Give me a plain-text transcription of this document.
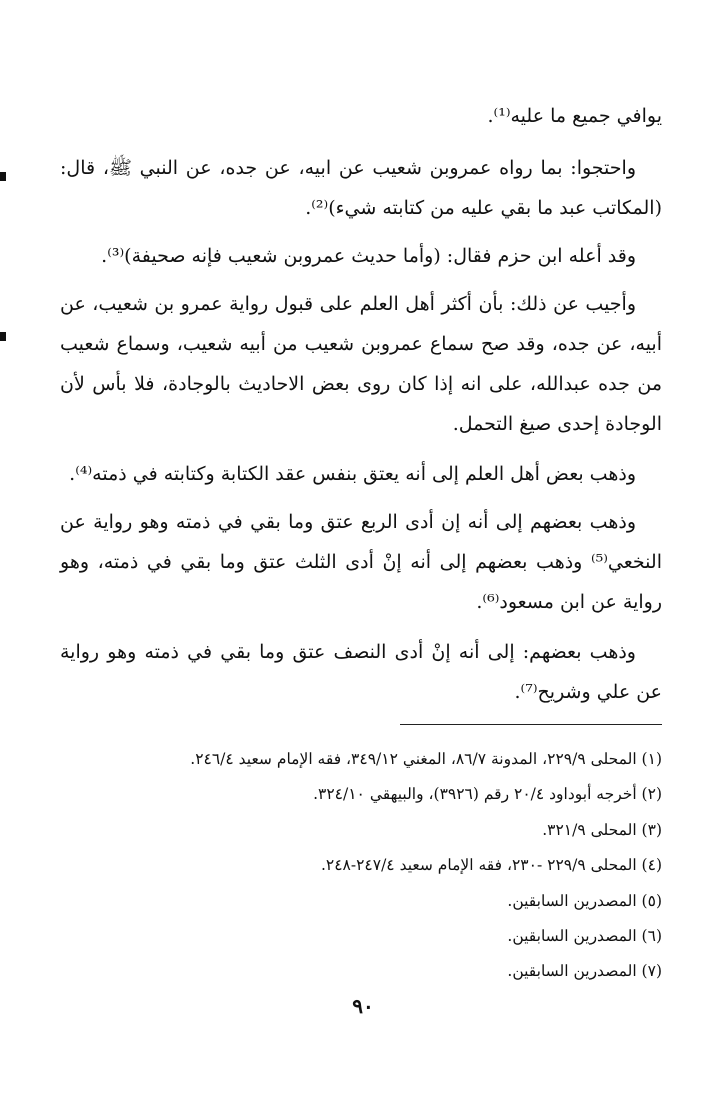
يوافي جميع ما عليه⁽¹⁾.

واحتجوا: بما رواه عمروبن شعيب عن ابيه، عن جده، عن النبي ﷺ، قال: (المكاتب عبد ما بقي عليه من كتابته شيء)⁽²⁾.

وقد أعله ابن حزم فقال: (وأما حديث عمروبن شعيب فإنه صحيفة)⁽³⁾.

وأجيب عن ذلك: بأن أكثر أهل العلم على قبول رواية عمرو بن شعيب، عن أبيه، عن جده، وقد صح سماع عمروبن شعيب من أبيه شعيب، وسماع شعيب من جده عبدالله، على انه إذا كان روى بعض الاحاديث بالوجادة، فلا بأس لأن الوجادة إحدى صيغ التحمل.

وذهب بعض أهل العلم إلى أنه يعتق بنفس عقد الكتابة وكتابته في ذمته⁽⁴⁾.

وذهب بعضهم إلى أنه إن أدى الربع عتق وما بقي في ذمته وهو رواية عن النخعي⁽⁵⁾ وذهب بعضهم إلى أنه إنْ أدى الثلث عتق وما بقي في ذمته، وهو رواية عن ابن مسعود⁽⁶⁾.

وذهب بعضهم: إلى أنه إنْ أدى النصف عتق وما بقي في ذمته وهو رواية عن علي وشريح⁽⁷⁾.

(١) المحلى ٢٢٩/٩، المدونة ٨٦/٧، المغني ٣٤٩/١٢، فقه الإمام سعيد ٢٤٦/٤.
(٢) أخرجه أبوداود ٢٠/٤ رقم (٣٩٢٦)، والبيهقي ٣٢٤/١٠.
(٣) المحلى ٣٢١/٩.
(٤) المحلى ٢٢٩/٩ -٢٣٠، فقه الإمام سعيد ٢٤٧/٤-٢٤٨.
(٥) المصدرين السابقين.
(٦) المصدرين السابقين.
(٧) المصدرين السابقين.
٩٠
